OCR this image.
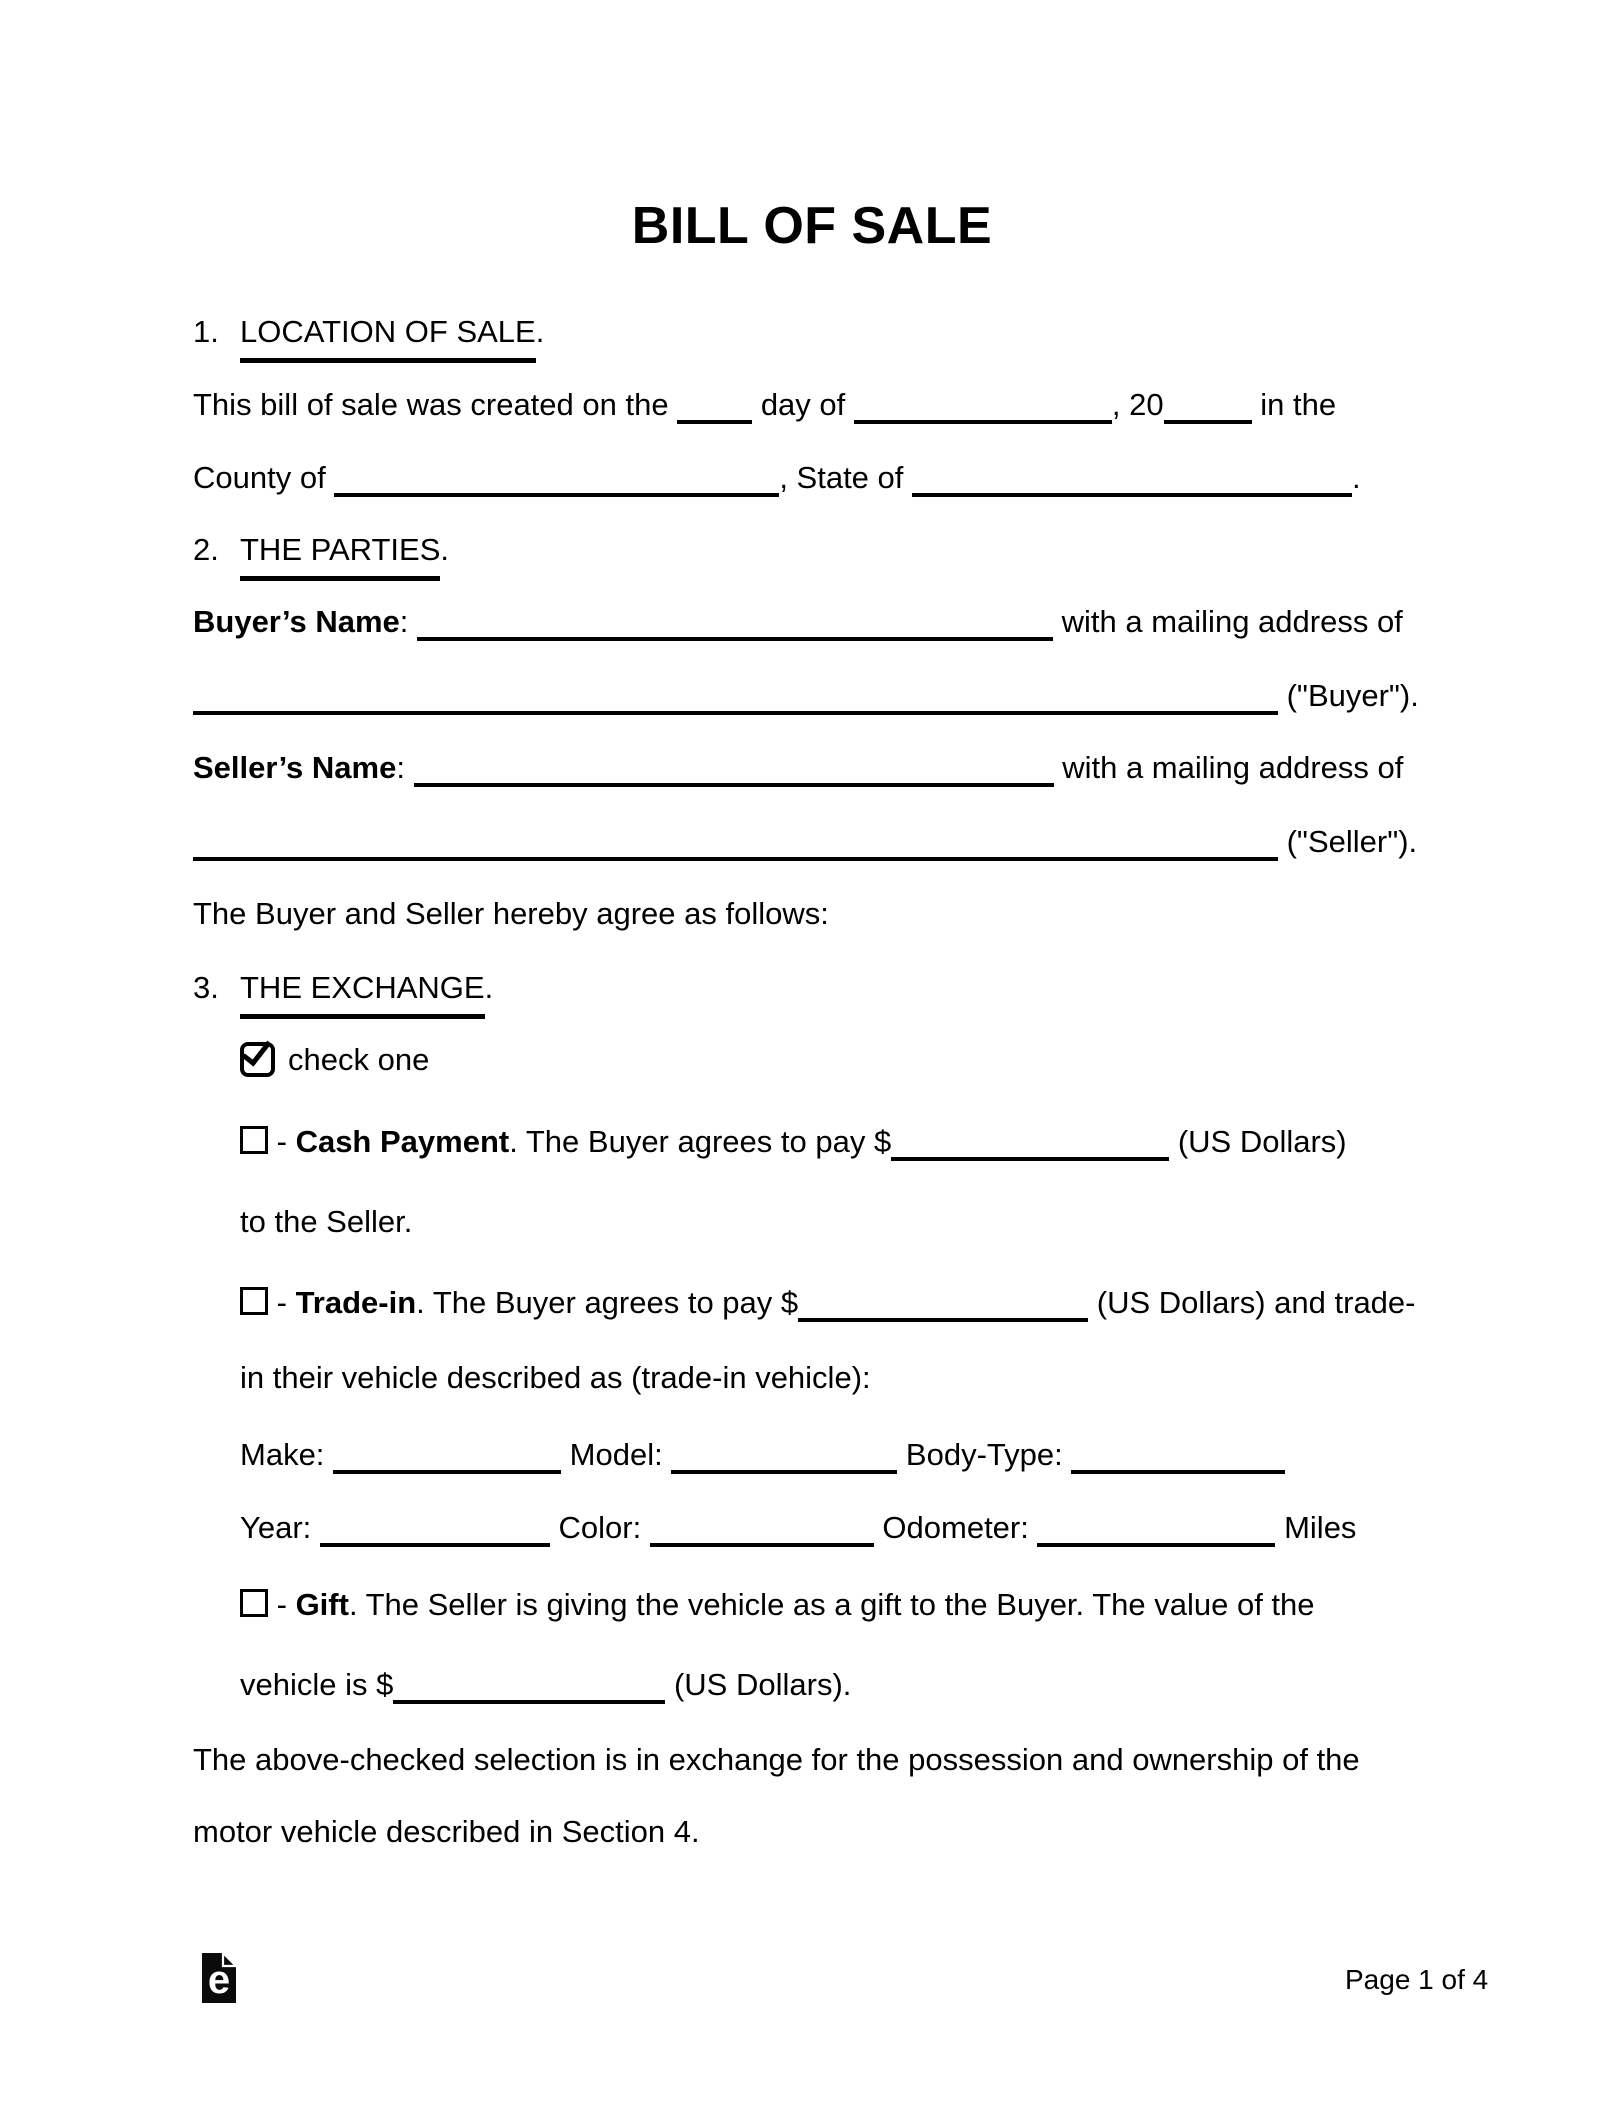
BILL OF SALE
1. LOCATION OF SALE.
This bill of sale was created on the  day of	, 20	in the
County of	, State of	.
2. THE PARTIES.
Buyer’s Name:	with a mailing address of
("Buyer").
Seller’s Name:	with a mailing address of
("Seller").
The Buyer and Seller hereby agree as follows:
3. THE EXCHANGE.
check one
- Cash Payment. The Buyer agrees to pay $	(US Dollars)
to the Seller.
- Trade-in. The Buyer agrees to pay $	(US Dollars) and trade-
in their vehicle described as (trade-in vehicle):
Make:	Model:	Body-Type:
Year:	Color:	Odometer:	Miles
- Gift. The Seller is giving the vehicle as a gift to the Buyer. The value of the
vehicle is $	(US Dollars).
The above-checked selection is in exchange for the possession and ownership of the
motor vehicle described in Section 4.
e	Page 1 of 4
